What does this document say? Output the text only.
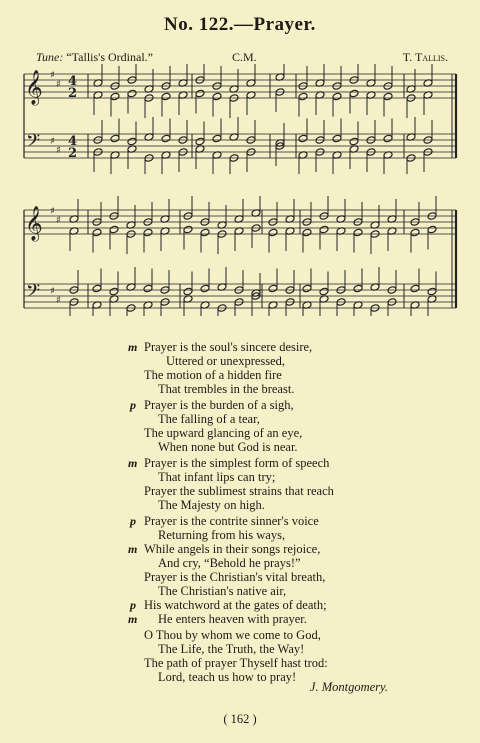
No. 122.—Prayer.
Tune: “Tallis's Ordinal.”	C.M.	T. Tallis.
𝄞
𝄢
♯
♯
♯
♯
4
2
4
2
𝄞
𝄢
♯
♯
♯
♯
m Prayer is the soul's sincere desire,
Uttered or unexpressed,
The motion of a hidden fire
That trembles in the breast.
p Prayer is the burden of a sigh,
The falling of a tear,
The upward glancing of an eye,
When none but God is near.
m Prayer is the simplest form of speech
That infant lips can try;
Prayer the sublimest strains that reach
The Majesty on high.
p
m
Prayer is the contrite sinner's voice
Returning from his ways,
While angels in their songs rejoice,
And cry, “Behold he prays!”
p
m
Prayer is the Christian's vital breath,
The Christian's native air,
His watchword at the gates of death;
He enters heaven with prayer.
O Thou by whom we come to God,
The Life, the Truth, the Way!
The path of prayer Thyself hast trod:
Lord, teach us how to pray!
J. Montgomery.
( 162 )
